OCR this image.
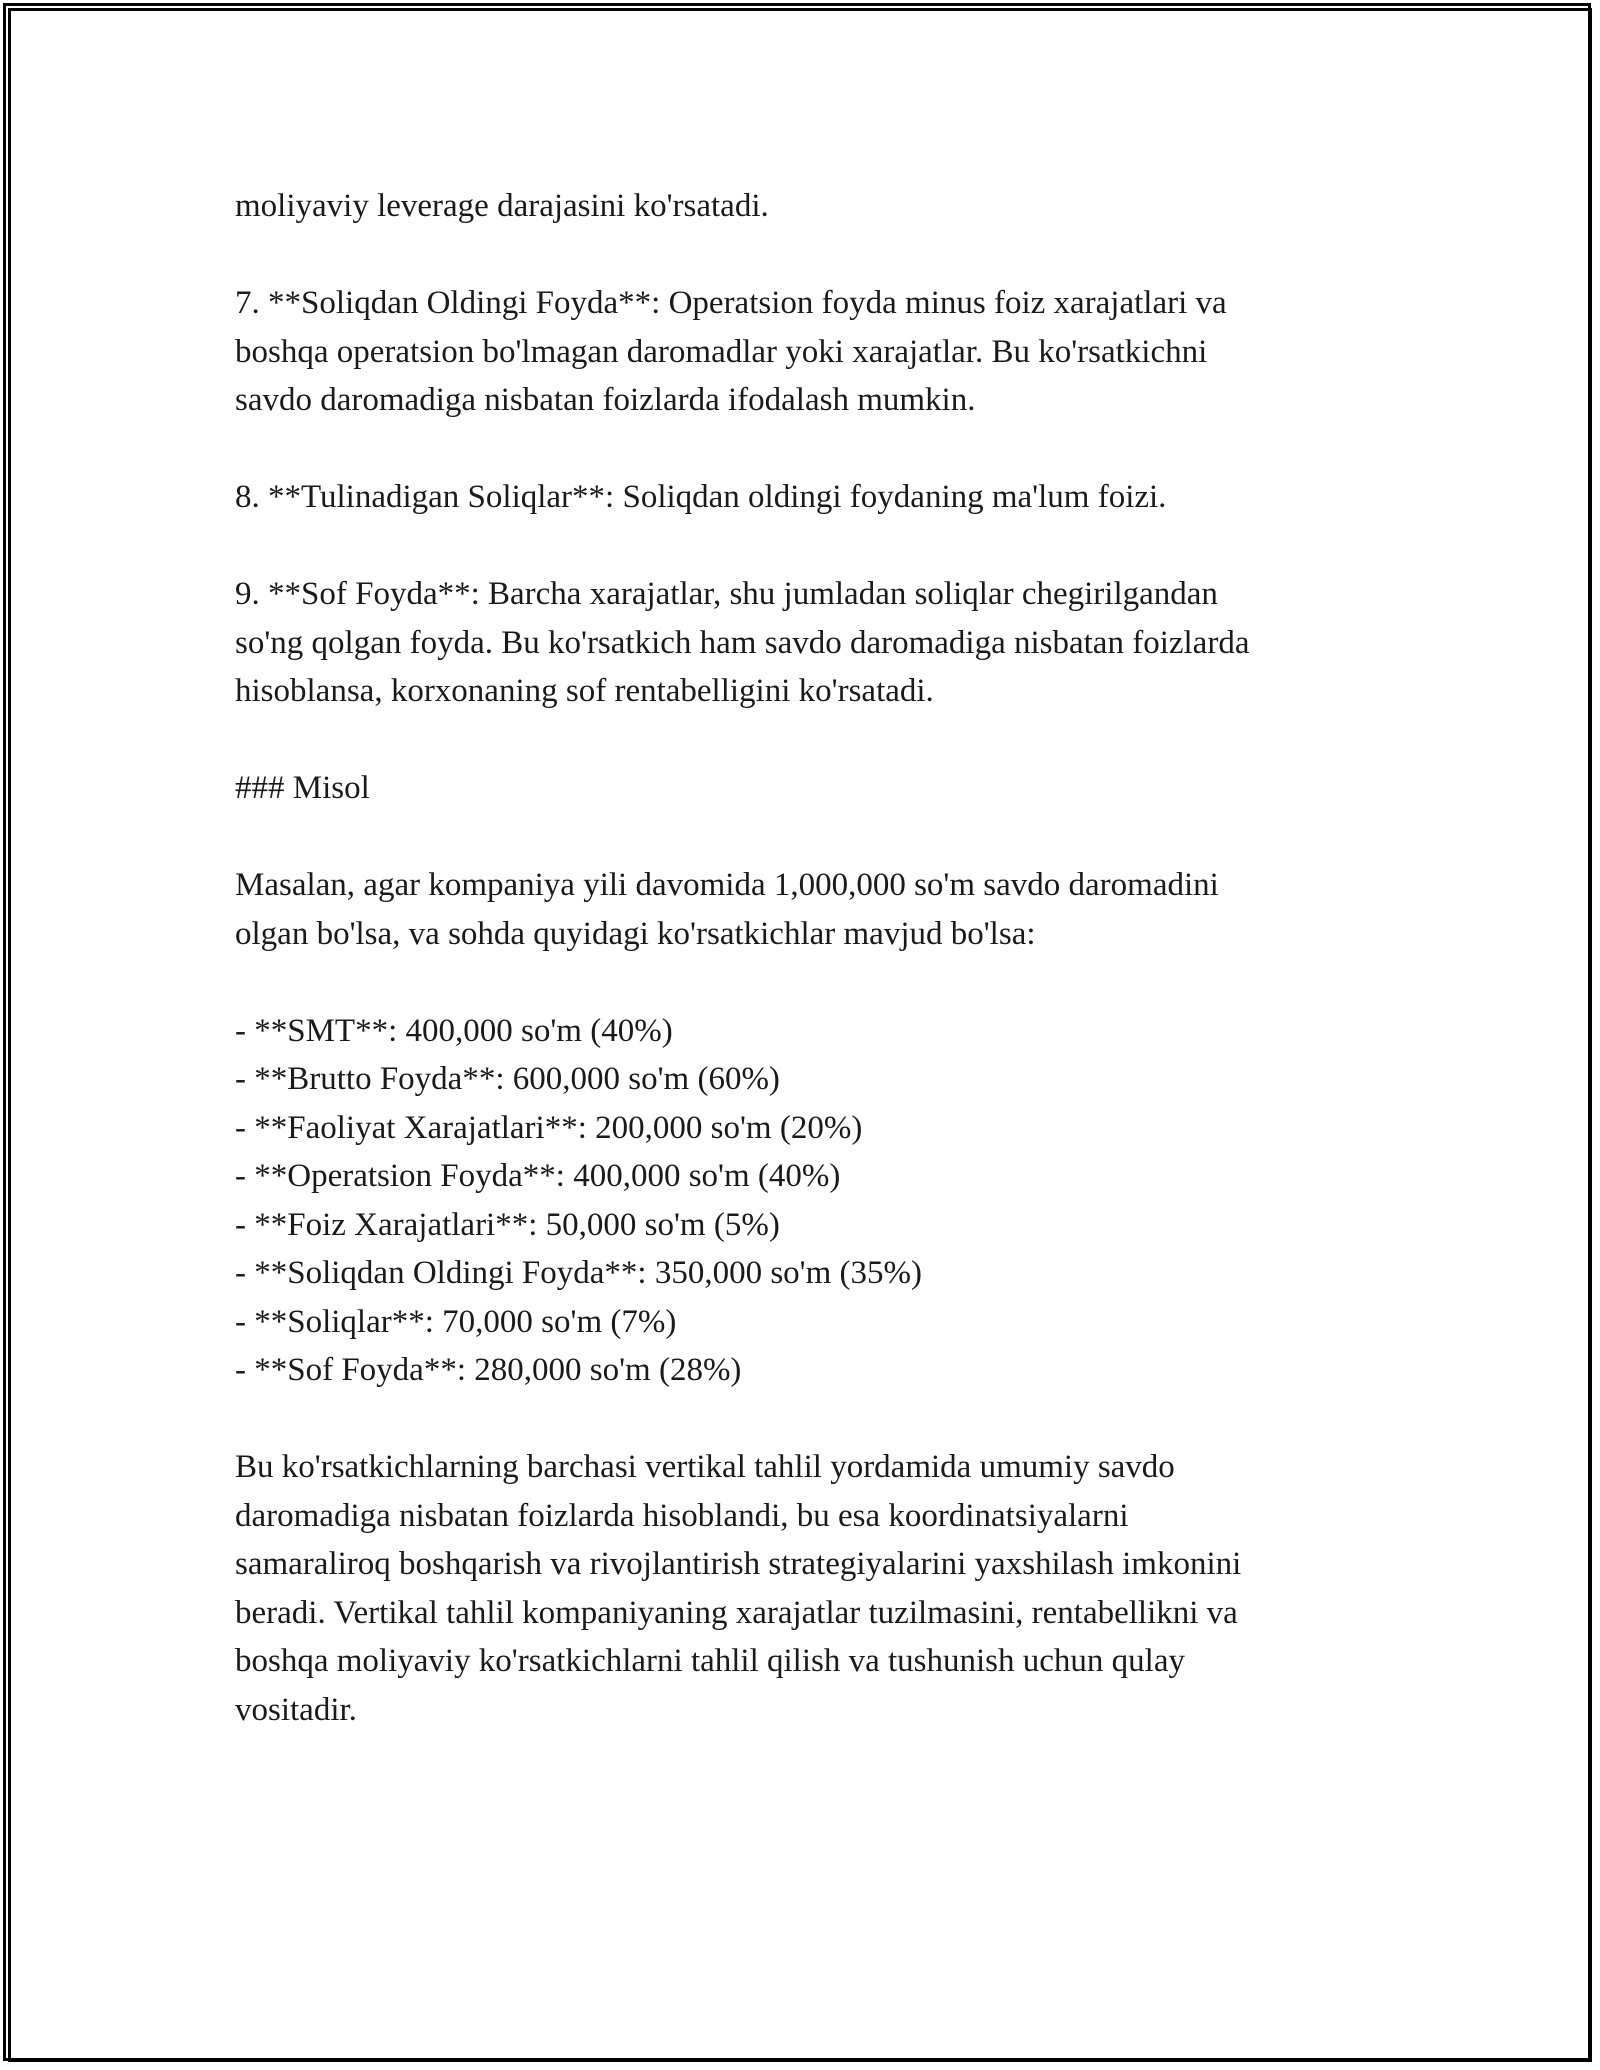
moliyaviy leverage darajasini ko'rsatadi.

7. **Soliqdan Oldingi Foyda**: Operatsion foyda minus foiz xarajatlari va
boshqa operatsion bo'lmagan daromadlar yoki xarajatlar. Bu ko'rsatkichni
savdo daromadiga nisbatan foizlarda ifodalash mumkin.

8. **Tulinadigan Soliqlar**: Soliqdan oldingi foydaning ma'lum foizi.

9. **Sof Foyda**: Barcha xarajatlar, shu jumladan soliqlar chegirilgandan
so'ng qolgan foyda. Bu ko'rsatkich ham savdo daromadiga nisbatan foizlarda
hisoblansa, korxonaning sof rentabelligini ko'rsatadi.

### Misol

Masalan, agar kompaniya yili davomida 1,000,000 so'm savdo daromadini
olgan bo'lsa, va sohda quyidagi ko'rsatkichlar mavjud bo'lsa:

- **SMT**: 400,000 so'm (40%)
- **Brutto Foyda**: 600,000 so'm (60%)
- **Faoliyat Xarajatlari**: 200,000 so'm (20%)
- **Operatsion Foyda**: 400,000 so'm (40%)
- **Foiz Xarajatlari**: 50,000 so'm (5%)
- **Soliqdan Oldingi Foyda**: 350,000 so'm (35%)
- **Soliqlar**: 70,000 so'm (7%)
- **Sof Foyda**: 280,000 so'm (28%)

Bu ko'rsatkichlarning barchasi vertikal tahlil yordamida umumiy savdo
daromadiga nisbatan foizlarda hisoblandi, bu esa koordinatsiyalarni
samaraliroq boshqarish va rivojlantirish strategiyalarini yaxshilash imkonini
beradi. Vertikal tahlil kompaniyaning xarajatlar tuzilmasini, rentabellikni va
boshqa moliyaviy ko'rsatkichlarni tahlil qilish va tushunish uchun qulay
vositadir.
